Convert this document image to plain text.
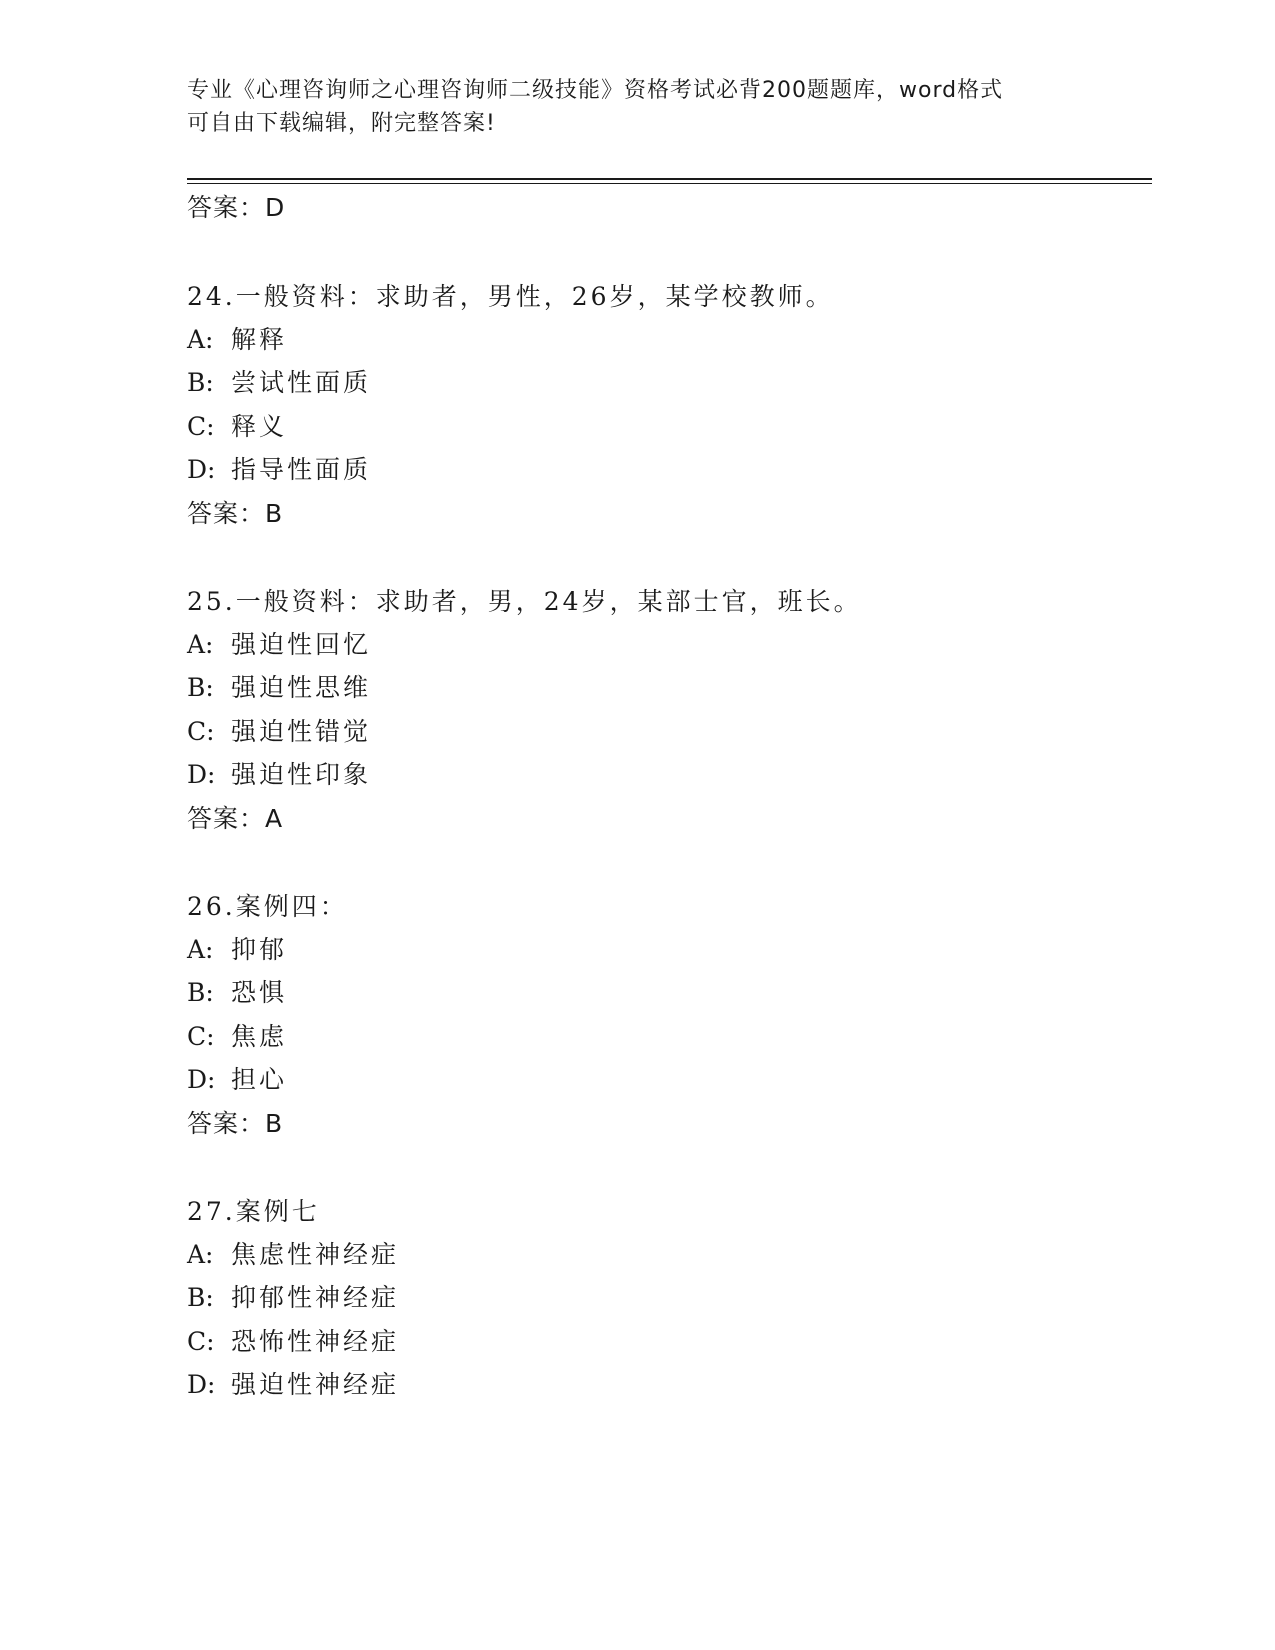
专业《心理咨询师之心理咨询师二级技能》资格考试必背200题题库，word格式
可自由下载编辑，附完整答案!
答案：D
24.一般资料：求助者，男性，26岁，某学校教师。
A: 解释
B: 尝试性面质
C: 释义
D: 指导性面质
答案：B
25.一般资料：求助者，男，24岁，某部士官，班长。
A: 强迫性回忆
B: 强迫性思维
C: 强迫性错觉
D: 强迫性印象
答案：A
26.案例四：
A: 抑郁
B: 恐惧
C: 焦虑
D: 担心
答案：B
27.案例七
A: 焦虑性神经症
B: 抑郁性神经症
C: 恐怖性神经症
D: 强迫性神经症
